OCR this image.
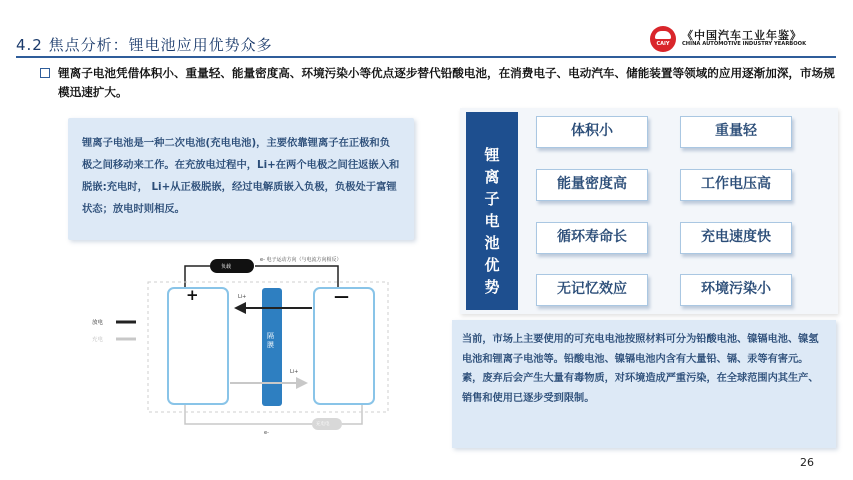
4.2 焦点分析：锂电池应用优势众多	CAIY
《中国汽车工业年鉴》
CHINA AUTOMOTIVE INDUSTRY YEARBOOK
锂离子电池凭借体积小、重量轻、能量密度高、环境污染小等优点逐步替代铅酸电池，在消费电子、电动汽车、储能装置等领域的应用逐渐加深，市场规模迅速扩大。
锂离子电池是一种二次电池(充电电池)，主要依靠锂离子在正极和负极之间移动来工作。在充放电过程中，Li+在两个电极之间往返嵌入和脱嵌:充电时， Li+从正极脱嵌，经过电解质嵌入负极，负极处于富锂状态；放电时则相反。
负载
e- 电子运动方向（与电流方向相反）
+	—
隔膜
Li+
Li+
充电电
e-
放电
充电
锂
离
子
电
池
优
势
体积小	重量轻
能量密度高	工作电压高
循环寿命长	充电速度快
无记忆效应	环境污染小
当前，市场上主要使用的可充电电池按照材料可分为铅酸电池、镍镉电池、镍氢电池和锂离子电池等。铅酸电池、镍镉电池内含有大量铅、镉、汞等有害元。素，废弃后会产生大量有毒物质，对环境造成严重污染，在全球范围内其生产、销售和使用已逐步受到限制。
26
